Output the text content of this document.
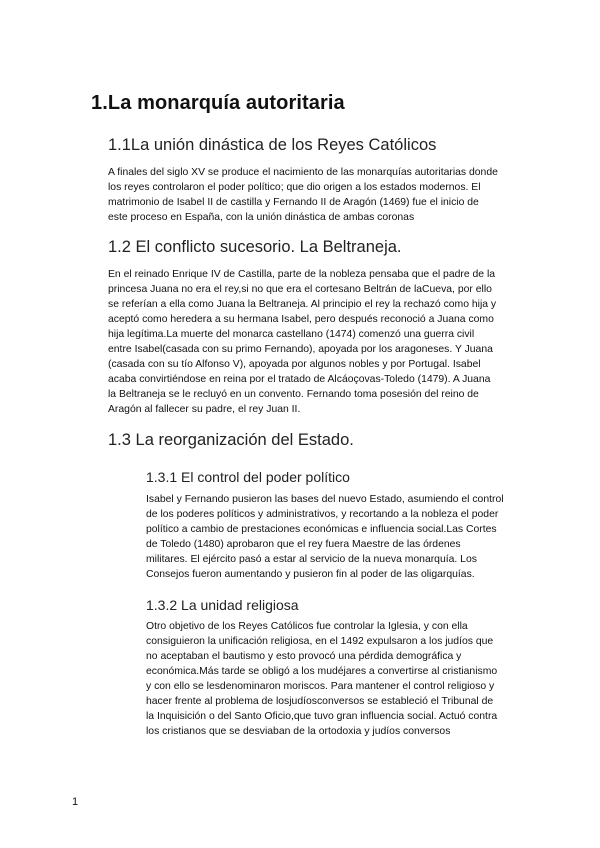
1.La monarquía autoritaria
1.1La unión dinástica de los Reyes Católicos
A finales del siglo XV se produce el nacimiento de las monarquías autoritarias donde
los reyes controlaron el poder político; que dio origen a los estados modernos. El
matrimonio de Isabel II de castilla y Fernando II de Aragón (1469) fue el inicio de
este proceso en España, con la unión dinástica de ambas coronas
1.2 El conflicto sucesorio. La Beltraneja.
En el reinado Enrique IV de Castilla, parte de la nobleza pensaba que el padre de la
princesa Juana no era el rey,si no que era el cortesano Beltrán de laCueva, por ello
se referían a ella como Juana la Beltraneja. Al principio el rey la rechazó como hija y
aceptó como heredera a su hermana Isabel, pero después reconoció a Juana como
hija legítima.La muerte del monarca castellano (1474) comenzó una guerra civil
entre Isabel(casada con su primo Fernando), apoyada por los aragoneses. Y Juana
(casada con su tío Alfonso V), apoyada por algunos nobles y por Portugal. Isabel
acaba convirtiéndose en reina por el tratado de Alcáoçovas-Toledo (1479). A Juana
la Beltraneja se le recluyó en un convento. Fernando toma posesión del reino de
Aragón al fallecer su padre, el rey Juan II.
1.3 La reorganización del Estado.
1.3.1 El control del poder político
Isabel y Fernando pusieron las bases del nuevo Estado, asumiendo el control
de los poderes políticos y administrativos, y recortando a la nobleza el poder
político a cambio de prestaciones económicas e influencia social.Las Cortes
de Toledo (1480) aprobaron que el rey fuera Maestre de las órdenes
militares. El ejército pasó a estar al servicio de la nueva monarquía. Los
Consejos fueron aumentando y pusieron fin al poder de las oligarquías.
1.3.2 La unidad religiosa
Otro objetivo de los Reyes Católicos fue controlar la Iglesia, y con ella
consiguieron la unificación religiosa, en el 1492 expulsaron a los judíos que
no aceptaban el bautismo y esto provocó una pérdida demográfica y
económica.Más tarde se obligó a los mudéjares a convertirse al cristianismo
y con ello se lesdenominaron moriscos. Para mantener el control religioso y
hacer frente al problema de losjudíosconversos se estableció el Tribunal de
la Inquisición o del Santo Oficio,que tuvo gran influencia social. Actuó contra
los cristianos que se desviaban de la ortodoxia y judíos conversos
1
